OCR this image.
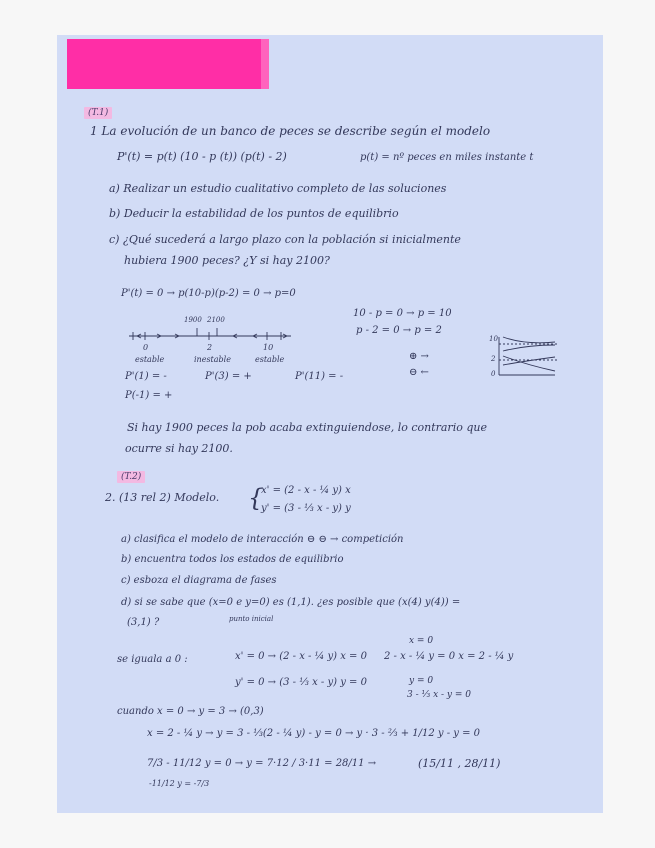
(T.1)
1 La evolución de un banco de peces se describe según el modelo
P'(t) = p(t) (10 - p (t)) (p(t) - 2)	p(t) = nº peces en miles instante t
a) Realizar un estudio cualitativo completo de las soluciones
b) Deducir la estabilidad de los puntos de equilibrio
c) ¿Qué sucederá a largo plazo con la población si inicialmente
hubiera 1900 peces? ¿Y si hay 2100?
P'(t) = 0 → p(10-p)(p-2) = 0 → p=0
10 - p = 0 → p = 10
p - 2 = 0 → p = 2
1900 2100
0	2	10
estable	inestable	estable
P'(1) = -	P'(3) = +	P'(11) = -
P(-1) = +
⊕ →
⊖ ←
10
2
0
Si hay 1900 peces la pob acaba extinguiendose, lo contrario que
ocurre si hay 2100.
(T.2)
2. (13 rel 2) Modelo. {
x' = (2 - x - ¼ y) x
y' = (3 - ⅓ x - y) y
a) clasifica el modelo de interacción ⊖ ⊖ → competición
b) encuentra todos los estados de equilibrio
c) esboza el diagrama de fases
d) si se sabe que (x=0 e y=0) es (1,1). ¿es posible que (x(4) y(4)) =
(3,1) ?	punto inicial
se iguala a 0 :	x' = 0 → (2 - x - ¼ y) x = 0
x = 0
2 - x - ¼ y = 0 x = 2 - ¼ y
y' = 0 → (3 - ⅓ x - y) y = 0	y = 0
3 - ⅓ x - y = 0
cuando x = 0 → y = 3 → (0,3)
x = 2 - ¼ y → y = 3 - ⅓(2 - ¼ y) - y = 0 → y · 3 - ⅔ + 1/12 y - y = 0
7/3 - 11/12 y = 0 → y = 7·12 / 3·11 = 28/11 →	(15/11 , 28/11)
-11/12 y = -7/3
